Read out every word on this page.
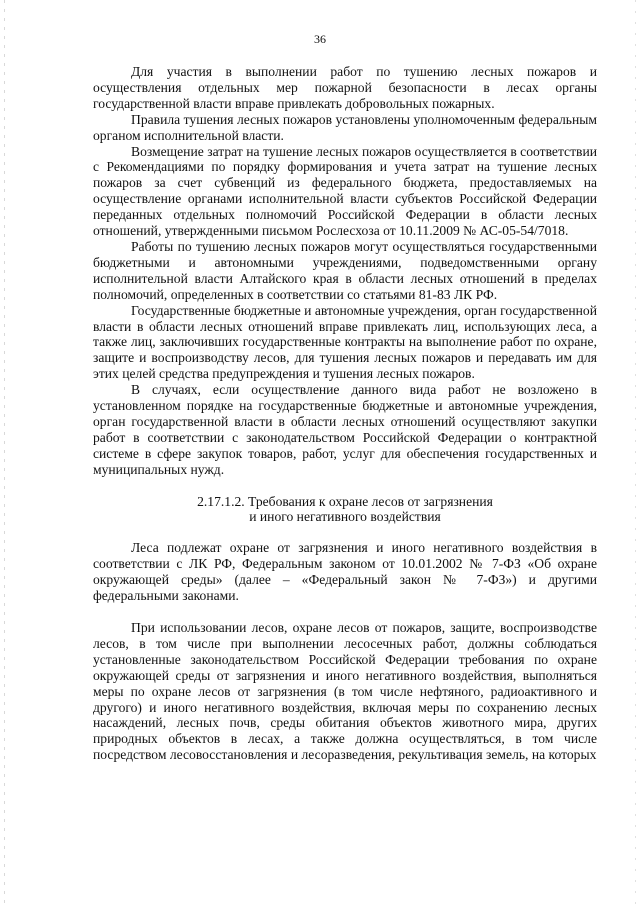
36

Для участия в выполнении работ по тушению лесных пожаров и осуществления отдельных мер пожарной безопасности в лесах органы государственной власти вправе привлекать добровольных пожарных.

Правила тушения лесных пожаров установлены уполномоченным федеральным органом исполнительной власти.

Возмещение затрат на тушение лесных пожаров осуществляется в соответствии с Рекомендациями по порядку формирования и учета затрат на тушение лесных пожаров за счет субвенций из федерального бюджета, предоставляемых на осуществление органами исполнительной власти субъектов Российской Федерации переданных отдельных полномочий Российской Федерации в области лесных отношений, утвержденными письмом Рослесхоза от 10.11.2009 № АС-05-54/7018.

Работы по тушению лесных пожаров могут осуществляться государственными бюджетными и автономными учреждениями, подведомственными органу исполнительной власти Алтайского края в области лесных отношений в пределах полномочий, определенных в соответствии со статьями 81-83 ЛК РФ.

Государственные бюджетные и автономные учреждения, орган государственной власти в области лесных отношений вправе привлекать лиц, использующих леса, а также лиц, заключивших государственные контракты на выполнение работ по охране, защите и воспроизводству лесов, для тушения лесных пожаров и передавать им для этих целей средства предупреждения и тушения лесных пожаров.

В случаях, если осуществление данного вида работ не возложено в установленном порядке на государственные бюджетные и автономные учреждения, орган государственной власти в области лесных отношений осуществляют закупки работ в соответствии с законодательством Российской Федерации о контрактной системе в сфере закупок товаров, работ, услуг для обеспечения государственных и муниципальных нужд.

2.17.1.2. Требования к охране лесов от загрязнения
и иного негативного воздействия

Леса подлежат охране от загрязнения и иного негативного воздействия в соответствии с ЛК РФ, Федеральным законом от 10.01.2002 № 7-ФЗ «Об охране окружающей среды» (далее – «Федеральный закон № 7-ФЗ») и другими федеральными законами.

При использовании лесов, охране лесов от пожаров, защите, воспроизводстве лесов, в том числе при выполнении лесосечных работ, должны соблюдаться установленные законодательством Российской Федерации требования по охране окружающей среды от загрязнения и иного негативного воздействия, выполняться меры по охране лесов от загрязнения (в том числе нефтяного, радиоактивного и другого) и иного негативного воздействия, включая меры по сохранению лесных насаждений, лесных почв, среды обитания объектов животного мира, других природных объектов в лесах, а также должна осуществляться, в том числе посредством лесовосстановления и лесоразведения, рекультивация земель, на которых
